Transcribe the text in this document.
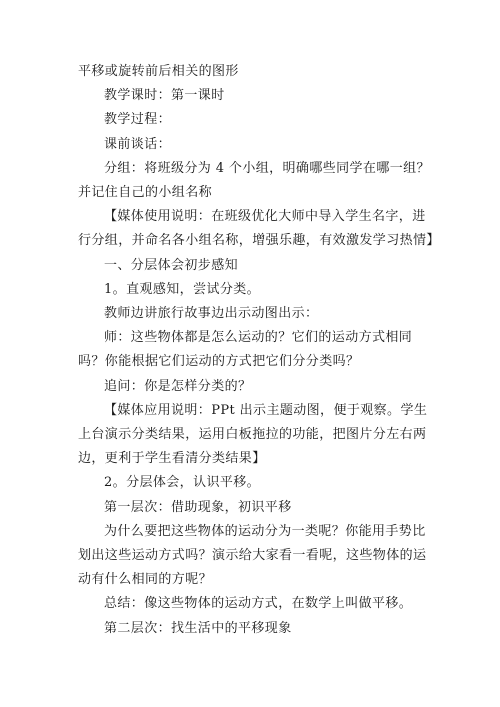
平移或旋转前后相关的图形

教学课时：第一课时

教学过程：

课前谈话：

分组：将班级分为 4 个小组，明确哪些同学在哪一组？并记住自己的小组名称

【媒体使用说明：在班级优化大师中导入学生名字，进行分组，并命名各小组名称，增强乐趣，有效激发学习热情】

一、分层体会初步感知

1。直观感知，尝试分类。

教师边讲旅行故事边出示动图出示：

师：这些物体都是怎么运动的？它们的运动方式相同吗？你能根据它们运动的方式把它们分分类吗？

追问：你是怎样分类的？

【媒体应用说明：PPt 出示主题动图，便于观察。学生上台演示分类结果，运用白板拖拉的功能，把图片分左右两边，更利于学生看清分类结果】

2。分层体会，认识平移。

第一层次：借助现象，初识平移

为什么要把这些物体的运动分为一类呢？你能用手势比划出这些运动方式吗？演示给大家看一看呢，这些物体的运动有什么相同的方呢？

总结：像这些物体的运动方式，在数学上叫做平移。

第二层次：找生活中的平移现象
